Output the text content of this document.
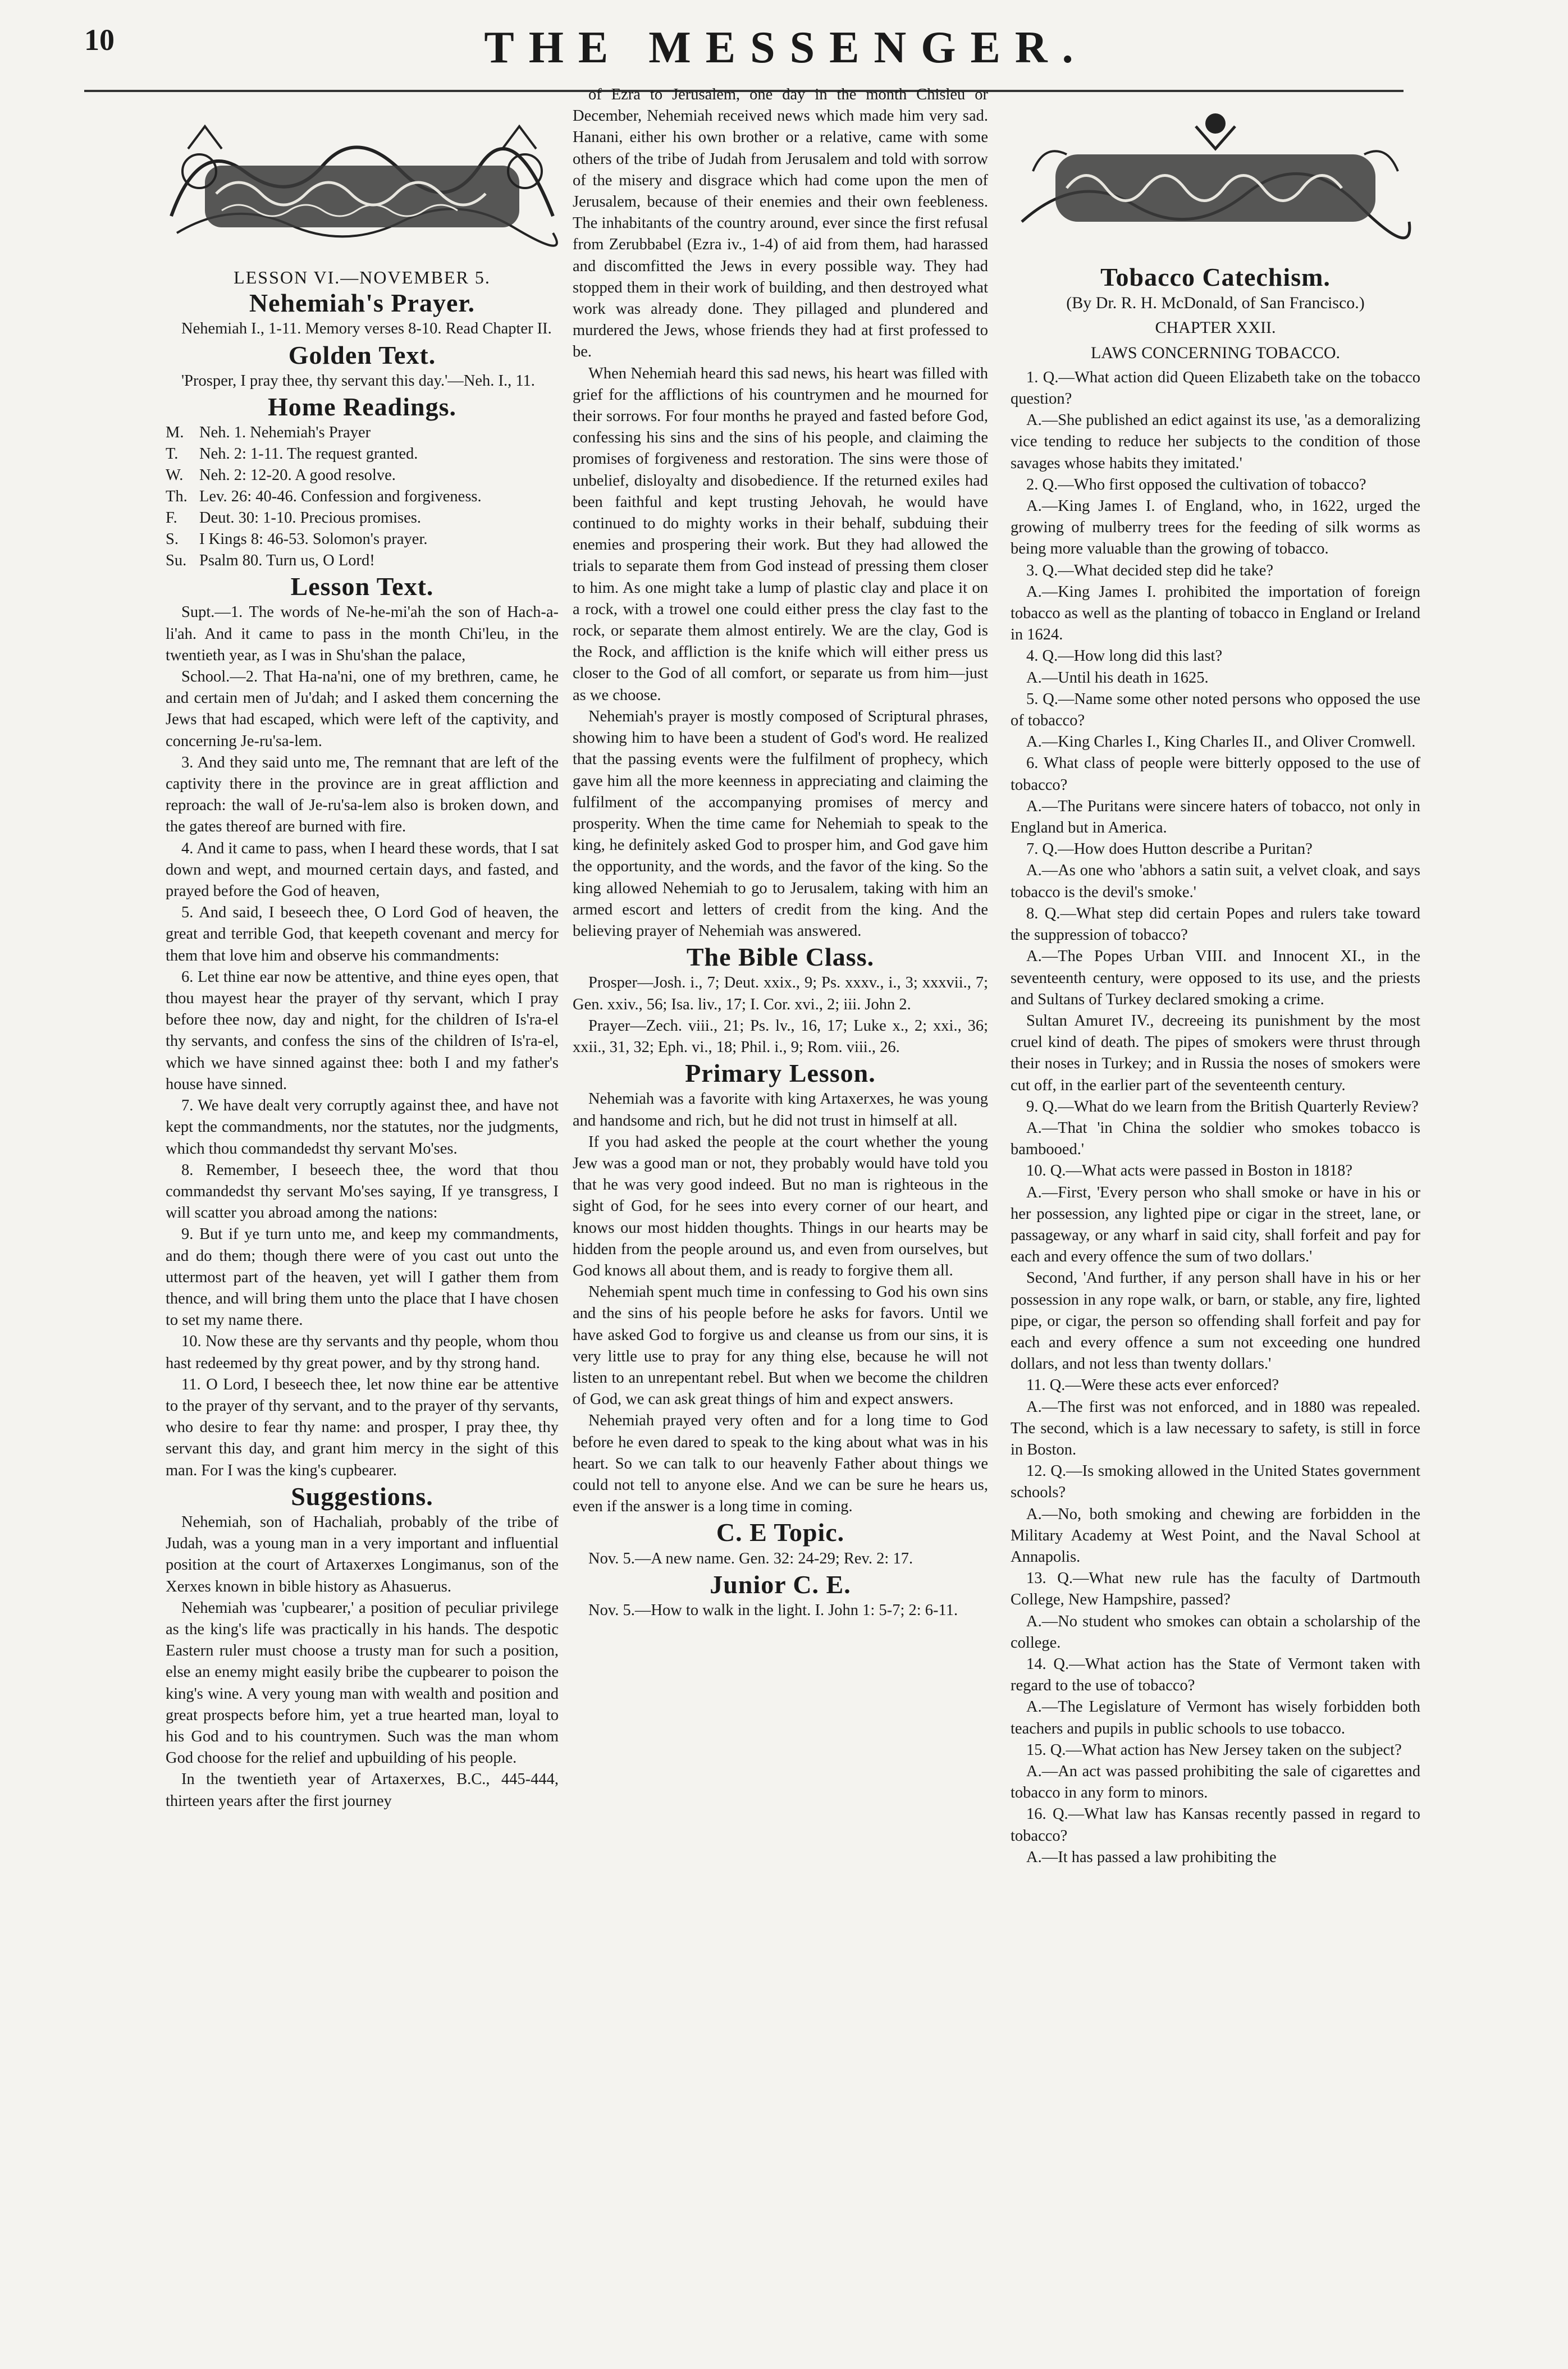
10	THE MESSENGER.
LESSON VI.—NOVEMBER 5.
Nehemiah's Prayer.

Nehemiah I., 1-11. Memory verses 8-10. Read Chapter II.

Golden Text.

'Prosper, I pray thee, thy servant this day.'—Neh. I., 11.

Home Readings.
M. Neh. 1. Nehemiah's Prayer
T. Neh. 2: 1-11. The request granted.
W. Neh. 2: 12-20. A good resolve.
Th. Lev. 26: 40-46. Confession and forgiveness.
F. Deut. 30: 1-10. Precious promises.
S. I Kings 8: 46-53. Solomon's prayer.
Su. Psalm 80. Turn us, O Lord!
Lesson Text.

Supt.—1. The words of Ne-he-mi'ah the son of Hach-a-li'ah. And it came to pass in the month Chi'leu, in the twentieth year, as I was in Shu'shan the palace,

School.—2. That Ha-na'ni, one of my brethren, came, he and certain men of Ju'dah; and I asked them concerning the Jews that had escaped, which were left of the captivity, and concerning Je-ru'sa-lem.

3. And they said unto me, The remnant that are left of the captivity there in the province are in great affliction and reproach: the wall of Je-ru'sa-lem also is broken down, and the gates thereof are burned with fire.

4. And it came to pass, when I heard these words, that I sat down and wept, and mourned certain days, and fasted, and prayed before the God of heaven,

5. And said, I beseech thee, O Lord God of heaven, the great and terrible God, that keepeth covenant and mercy for them that love him and observe his commandments:

6. Let thine ear now be attentive, and thine eyes open, that thou mayest hear the prayer of thy servant, which I pray before thee now, day and night, for the children of Is'ra-el thy servants, and confess the sins of the children of Is'ra-el, which we have sinned against thee: both I and my father's house have sinned.

7. We have dealt very corruptly against thee, and have not kept the commandments, nor the statutes, nor the judgments, which thou commandedst thy servant Mo'ses.

8. Remember, I beseech thee, the word that thou commandedst thy servant Mo'ses saying, If ye transgress, I will scatter you abroad among the nations:

9. But if ye turn unto me, and keep my commandments, and do them; though there were of you cast out unto the uttermost part of the heaven, yet will I gather them from thence, and will bring them unto the place that I have chosen to set my name there.

10. Now these are thy servants and thy people, whom thou hast redeemed by thy great power, and by thy strong hand.

11. O Lord, I beseech thee, let now thine ear be attentive to the prayer of thy servant, and to the prayer of thy servants, who desire to fear thy name: and prosper, I pray thee, thy servant this day, and grant him mercy in the sight of this man. For I was the king's cupbearer.

Suggestions.

Nehemiah, son of Hachaliah, probably of the tribe of Judah, was a young man in a very important and influential position at the court of Artaxerxes Longimanus, son of the Xerxes known in bible history as Ahasuerus.

Nehemiah was 'cupbearer,' a position of peculiar privilege as the king's life was practically in his hands. The despotic Eastern ruler must choose a trusty man for such a position, else an enemy might easily bribe the cupbearer to poison the king's wine. A very young man with wealth and position and great prospects before him, yet a true hearted man, loyal to his God and to his countrymen. Such was the man whom God choose for the relief and upbuilding of his people.

In the twentieth year of Artaxerxes, B.C., 445-444, thirteen years after the first journey

of Ezra to Jerusalem, one day in the month Chisleu or December, Nehemiah received news which made him very sad. Hanani, either his own brother or a relative, came with some others of the tribe of Judah from Jerusalem and told with sorrow of the misery and disgrace which had come upon the men of Jerusalem, because of their enemies and their own feebleness. The inhabitants of the country around, ever since the first refusal from Zerubbabel (Ezra iv., 1-4) of aid from them, had harassed and discomfitted the Jews in every possible way. They had stopped them in their work of building, and then destroyed what work was already done. They pillaged and plundered and murdered the Jews, whose friends they had at first professed to be.

When Nehemiah heard this sad news, his heart was filled with grief for the afflictions of his countrymen and he mourned for their sorrows. For four months he prayed and fasted before God, confessing his sins and the sins of his people, and claiming the promises of forgiveness and restoration. The sins were those of unbelief, disloyalty and disobedience. If the returned exiles had been faithful and kept trusting Jehovah, he would have continued to do mighty works in their behalf, subduing their enemies and prospering their work. But they had allowed the trials to separate them from God instead of pressing them closer to him. As one might take a lump of plastic clay and place it on a rock, with a trowel one could either press the clay fast to the rock, or separate them almost entirely. We are the clay, God is the Rock, and affliction is the knife which will either press us closer to the God of all comfort, or separate us from him—just as we choose.

Nehemiah's prayer is mostly composed of Scriptural phrases, showing him to have been a student of God's word. He realized that the passing events were the fulfilment of prophecy, which gave him all the more keenness in appreciating and claiming the fulfilment of the accompanying promises of mercy and prosperity. When the time came for Nehemiah to speak to the king, he definitely asked God to prosper him, and God gave him the opportunity, and the words, and the favor of the king. So the king allowed Nehemiah to go to Jerusalem, taking with him an armed escort and letters of credit from the king. And the believing prayer of Nehemiah was answered.

The Bible Class.

Prosper—Josh. i., 7; Deut. xxix., 9; Ps. xxxv., i., 3; xxxvii., 7; Gen. xxiv., 56; Isa. liv., 17; I. Cor. xvi., 2; iii. John 2.

Prayer—Zech. viii., 21; Ps. lv., 16, 17; Luke x., 2; xxi., 36; xxii., 31, 32; Eph. vi., 18; Phil. i., 9; Rom. viii., 26.

Primary Lesson.

Nehemiah was a favorite with king Artaxerxes, he was young and handsome and rich, but he did not trust in himself at all.

If you had asked the people at the court whether the young Jew was a good man or not, they probably would have told you that he was very good indeed. But no man is righteous in the sight of God, for he sees into every corner of our heart, and knows our most hidden thoughts. Things in our hearts may be hidden from the people around us, and even from ourselves, but God knows all about them, and is ready to forgive them all.

Nehemiah spent much time in confessing to God his own sins and the sins of his people before he asks for favors. Until we have asked God to forgive us and cleanse us from our sins, it is very little use to pray for any thing else, because he will not listen to an unrepentant rebel. But when we become the children of God, we can ask great things of him and expect answers.

Nehemiah prayed very often and for a long time to God before he even dared to speak to the king about what was in his heart. So we can talk to our heavenly Father about things we could not tell to anyone else. And we can be sure he hears us, even if the answer is a long time in coming.

C. E Topic.

Nov. 5.—A new name. Gen. 32: 24-29; Rev. 2: 17.

Junior C. E.

Nov. 5.—How to walk in the light. I. John 1: 5-7; 2: 6-11.

Tobacco Catechism.
(By Dr. R. H. McDonald, of San Francisco.)
CHAPTER XXII.
LAWS CONCERNING TOBACCO.

1. Q.—What action did Queen Elizabeth take on the tobacco question?

A.—She published an edict against its use, 'as a demoralizing vice tending to reduce her subjects to the condition of those savages whose habits they imitated.'

2. Q.—Who first opposed the cultivation of tobacco?

A.—King James I. of England, who, in 1622, urged the growing of mulberry trees for the feeding of silk worms as being more valuable than the growing of tobacco.

3. Q.—What decided step did he take?

A.—King James I. prohibited the importation of foreign tobacco as well as the planting of tobacco in England or Ireland in 1624.

4. Q.—How long did this last?

A.—Until his death in 1625.

5. Q.—Name some other noted persons who opposed the use of tobacco?

A.—King Charles I., King Charles II., and Oliver Cromwell.

6. What class of people were bitterly opposed to the use of tobacco?

A.—The Puritans were sincere haters of tobacco, not only in England but in America.

7. Q.—How does Hutton describe a Puritan?

A.—As one who 'abhors a satin suit, a velvet cloak, and says tobacco is the devil's smoke.'

8. Q.—What step did certain Popes and rulers take toward the suppression of tobacco?

A.—The Popes Urban VIII. and Innocent XI., in the seventeenth century, were opposed to its use, and the priests and Sultans of Turkey declared smoking a crime.

Sultan Amuret IV., decreeing its punishment by the most cruel kind of death. The pipes of smokers were thrust through their noses in Turkey; and in Russia the noses of smokers were cut off, in the earlier part of the seventeenth century.

9. Q.—What do we learn from the British Quarterly Review?

A.—That 'in China the soldier who smokes tobacco is bambooed.'

10. Q.—What acts were passed in Boston in 1818?

A.—First, 'Every person who shall smoke or have in his or her possession, any lighted pipe or cigar in the street, lane, or passageway, or any wharf in said city, shall forfeit and pay for each and every offence the sum of two dollars.'

Second, 'And further, if any person shall have in his or her possession in any rope walk, or barn, or stable, any fire, lighted pipe, or cigar, the person so offending shall forfeit and pay for each and every offence a sum not exceeding one hundred dollars, and not less than twenty dollars.'

11. Q.—Were these acts ever enforced?

A.—The first was not enforced, and in 1880 was repealed. The second, which is a law necessary to safety, is still in force in Boston.

12. Q.—Is smoking allowed in the United States government schools?

A.—No, both smoking and chewing are forbidden in the Military Academy at West Point, and the Naval School at Annapolis.

13. Q.—What new rule has the faculty of Dartmouth College, New Hampshire, passed?

A.—No student who smokes can obtain a scholarship of the college.

14. Q.—What action has the State of Vermont taken with regard to the use of tobacco?

A.—The Legislature of Vermont has wisely forbidden both teachers and pupils in public schools to use tobacco.

15. Q.—What action has New Jersey taken on the subject?

A.—An act was passed prohibiting the sale of cigarettes and tobacco in any form to minors.

16. Q.—What law has Kansas recently passed in regard to tobacco?

A.—It has passed a law prohibiting the
